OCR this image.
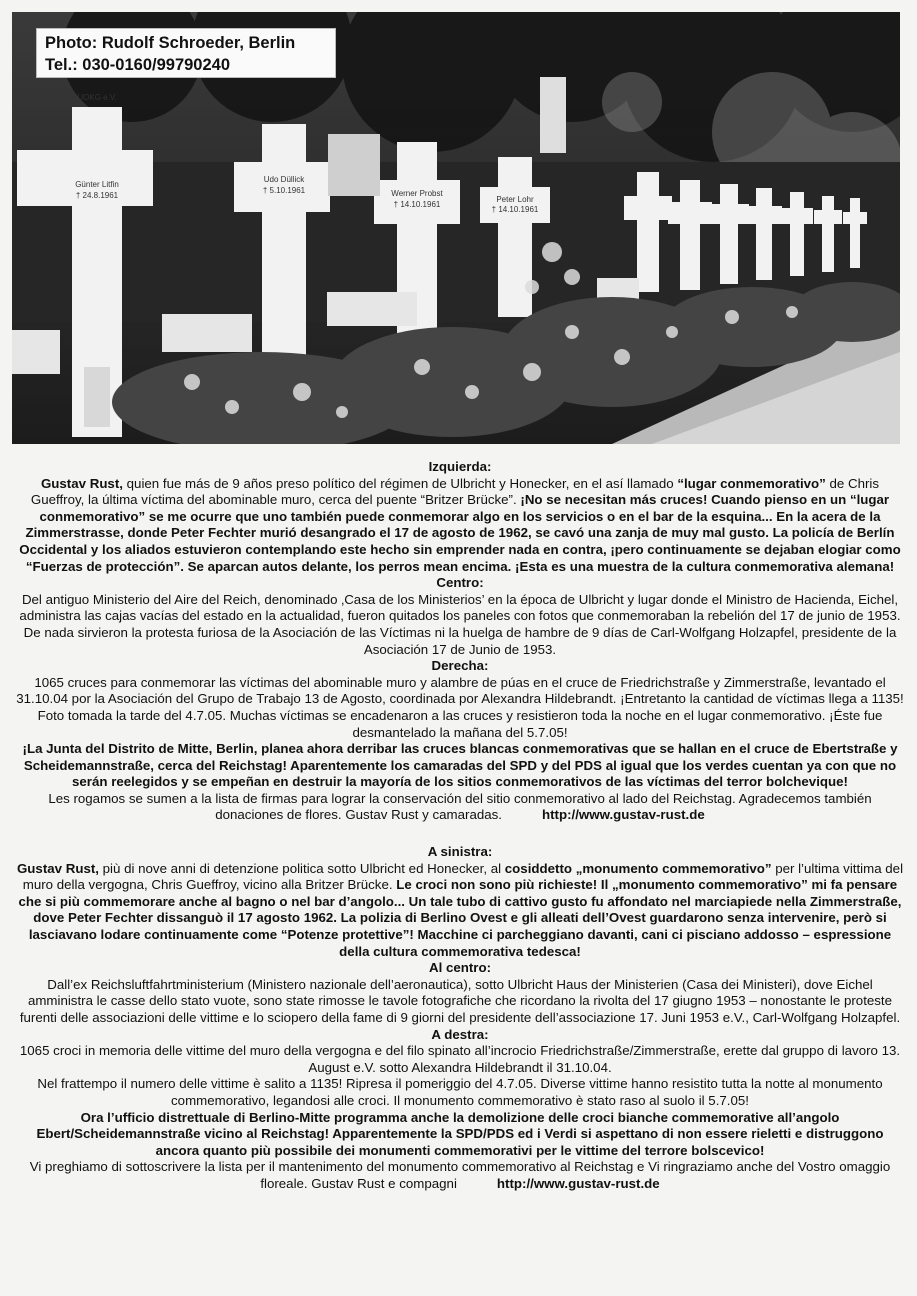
UOKG e.V.
Günter Litfin
† 24.8.1961
Udo Düllick
† 5.10.1961	Werner Probst
† 14.10.1961
Peter Lohr
† 14.10.1961
Photo: Rudolf Schroeder, Berlin
Tel.: 030-0160/99790240

Izquierda:

Gustav Rust, quien fue más de 9 años preso político del régimen de Ulbricht y Honecker, en el así llamado “lugar conmemorativo” de Chris Gueffroy, la última víctima del abominable muro, cerca del puente “Britzer Brücke”. ¡No se necesitan más cruces! Cuando pienso en un “lugar conmemorativo” se me ocurre que uno también puede conmemorar algo en los servicios o en el bar de la esquina... En la acera de la Zimmerstrasse, donde Peter Fechter murió desangrado el 17 de agosto de 1962, se cavó una zanja de muy mal gusto. La policía de Berlín Occidental y los aliados estuvieron contemplando este hecho sin emprender nada en contra, ¡pero continuamente se dejaban elogiar como “Fuerzas de protección”. Se aparcan autos delante, los perros mean encima. ¡Esta es una muestra de la cultura conmemorativa alemana!

Centro:

Del antiguo Ministerio del Aire del Reich, denominado ‚Casa de los Ministerios’ en la época de Ulbricht y lugar donde el Ministro de Hacienda, Eichel, administra las cajas vacías del estado en la actualidad, fueron quitados los paneles con fotos que conmemoraban la rebelión del 17 de junio de 1953. De nada sirvieron la protesta furiosa de la Asociación de las Víctimas ni la huelga de hambre de 9 días de Carl-Wolfgang Holzapfel, presidente de la Asociación 17 de Junio de 1953.

Derecha:

1065 cruces para conmemorar las víctimas del abominable muro y alambre de púas en el cruce de Friedrichstraße y Zimmerstraße, levantado el 31.10.04 por la Asociación del Grupo de Trabajo 13 de Agosto, coordinada por Alexandra Hildebrandt. ¡Entretanto la cantidad de víctimas llega a 1135! Foto tomada la tarde del 4.7.05. Muchas víctimas se encadenaron a las cruces y resistieron toda la noche en el lugar conmemorativo. ¡Éste fue desmantelado la mañana del 5.7.05!

¡La Junta del Distrito de Mitte, Berlin, planea ahora derribar las cruces blancas conmemorativas que se hallan en el cruce de Ebertstraße y Scheidemannstraße, cerca del Reichstag! Aparentemente los camaradas del SPD y del PDS al igual que los verdes cuentan ya con que no serán reelegidos y se empeñan en destruir la mayoría de los sitios conmemorativos de las víctimas del terror bolchevique!

Les rogamos se sumen a la lista de firmas para lograr la conservación del sitio conmemorativo al lado del Reichstag. Agradecemos también donaciones de flores. Gustav Rust y camaradas.	http://www.gustav-rust.de

A sinistra:

Gustav Rust, più di nove anni di detenzione politica sotto Ulbricht ed Honecker, al cosiddetto „monumento commemorativo” per l’ultima vittima del muro della vergogna, Chris Gueffroy, vicino alla Britzer Brücke. Le croci non sono più richieste! Il „monumento commemorativo” mi fa pensare che si più commemorare anche al bagno o nel bar d’angolo... Un tale tubo di cattivo gusto fu affondato nel marciapiede nella Zimmerstraße, dove Peter Fechter dissanguò il 17 agosto 1962. La polizia di Berlino Ovest e gli alleati dell’Ovest guardarono senza intervenire, però si lasciavano lodare continuamente come “Potenze protettive”! Macchine ci parcheggiano davanti, cani ci pisciano addosso – espressione della cultura commemorativa tedesca!

Al centro:

Dall’ex Reichsluftfahrtministerium (Ministero nazionale dell’aeronautica), sotto Ulbricht Haus der Ministerien (Casa dei Ministeri), dove Eichel amministra le casse dello stato vuote, sono state rimosse le tavole fotografiche che ricordano la rivolta del 17 giugno 1953 – nonostante le proteste furenti delle associazioni delle vittime e lo sciopero della fame di 9 giorni del presidente dell’associazione 17. Juni 1953 e.V., Carl-Wolfgang Holzapfel.

A destra:

1065 croci in memoria delle vittime del muro della vergogna e del filo spinato all’incrocio Friedrichstraße/Zimmerstraße, erette dal gruppo di lavoro 13. August e.V. sotto Alexandra Hildebrandt il 31.10.04.

Nel frattempo il numero delle vittime è salito a 1135! Ripresa il pomeriggio del 4.7.05. Diverse vittime hanno resistito tutta la notte al monumento commemorativo, legandosi alle croci. Il monumento commemorativo è stato raso al suolo il 5.7.05!

Ora l’ufficio distrettuale di Berlino-Mitte programma anche la demolizione delle croci bianche commemorative all’angolo Ebert/Scheidemannstraße vicino al Reichstag! Apparentemente la SPD/PDS ed i Verdi si aspettano di non essere rieletti e distruggono ancora quanto più possibile dei monumenti commemorativi per le vittime del terrore bolscevico!

Vi preghiamo di sottoscrivere la lista per il mantenimento del monumento commemorativo al Reichstag e Vi ringraziamo anche del Vostro omaggio floreale. Gustav Rust e compagni	http://www.gustav-rust.de
